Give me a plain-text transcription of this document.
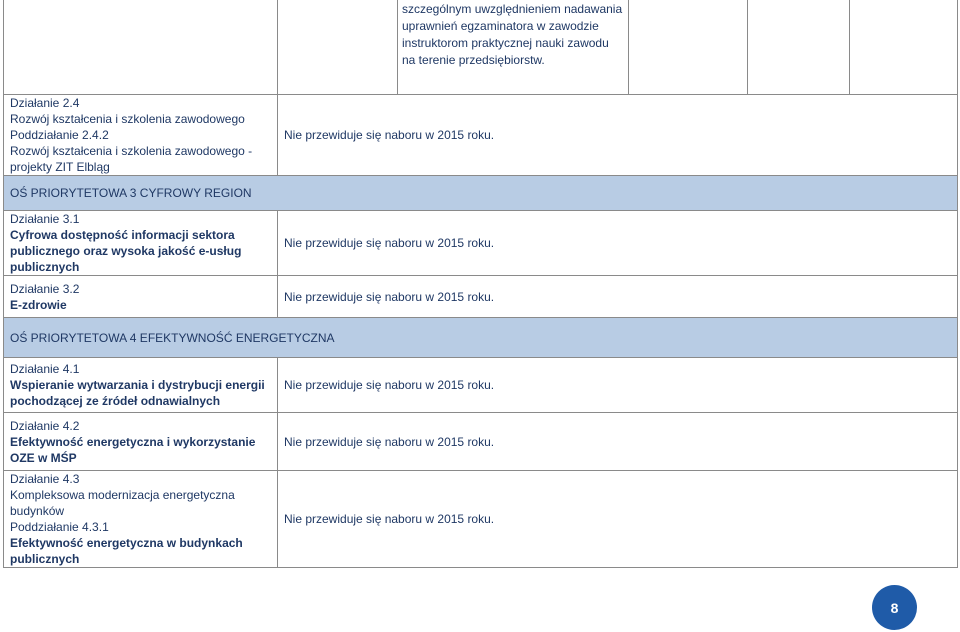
		szczególnym uwzględnieniem nadawania uprawnień egzaminatora w zawodzie instruktorom praktycznej nauki zawodu na terenie przedsiębiorstw.			

Działanie 2.4
Rozwój kształcenia i szkolenia zawodowego
Poddziałanie 2.4.2
Rozwój kształcenia i szkolenia zawodowego - projekty ZIT Elbląg	Nie przewiduje się naboru w 2015 roku.				

OŚ PRIORYTETOWA 3 CYFROWY REGION					

Działanie 3.1
Cyfrowa dostępność informacji sektora publicznego oraz wysoka jakość e-usług publicznych	Nie przewiduje się naboru w 2015 roku.				

Działanie 3.2
E-zdrowie	Nie przewiduje się naboru w 2015 roku.				

OŚ PRIORYTETOWA 4 EFEKTYWNOŚĆ ENERGETYCZNA					

Działanie 4.1
Wspieranie wytwarzania i dystrybucji energii pochodzącej ze źródeł odnawialnych	Nie przewiduje się naboru w 2015 roku.				

Działanie 4.2
Efektywność energetyczna i wykorzystanie OZE w MŚP	Nie przewiduje się naboru w 2015 roku.				

Działanie 4.3
Kompleksowa modernizacja energetyczna budynków
Poddziałanie 4.3.1
Efektywność energetyczna w budynkach publicznych	Nie przewiduje się naboru w 2015 roku.				
8
